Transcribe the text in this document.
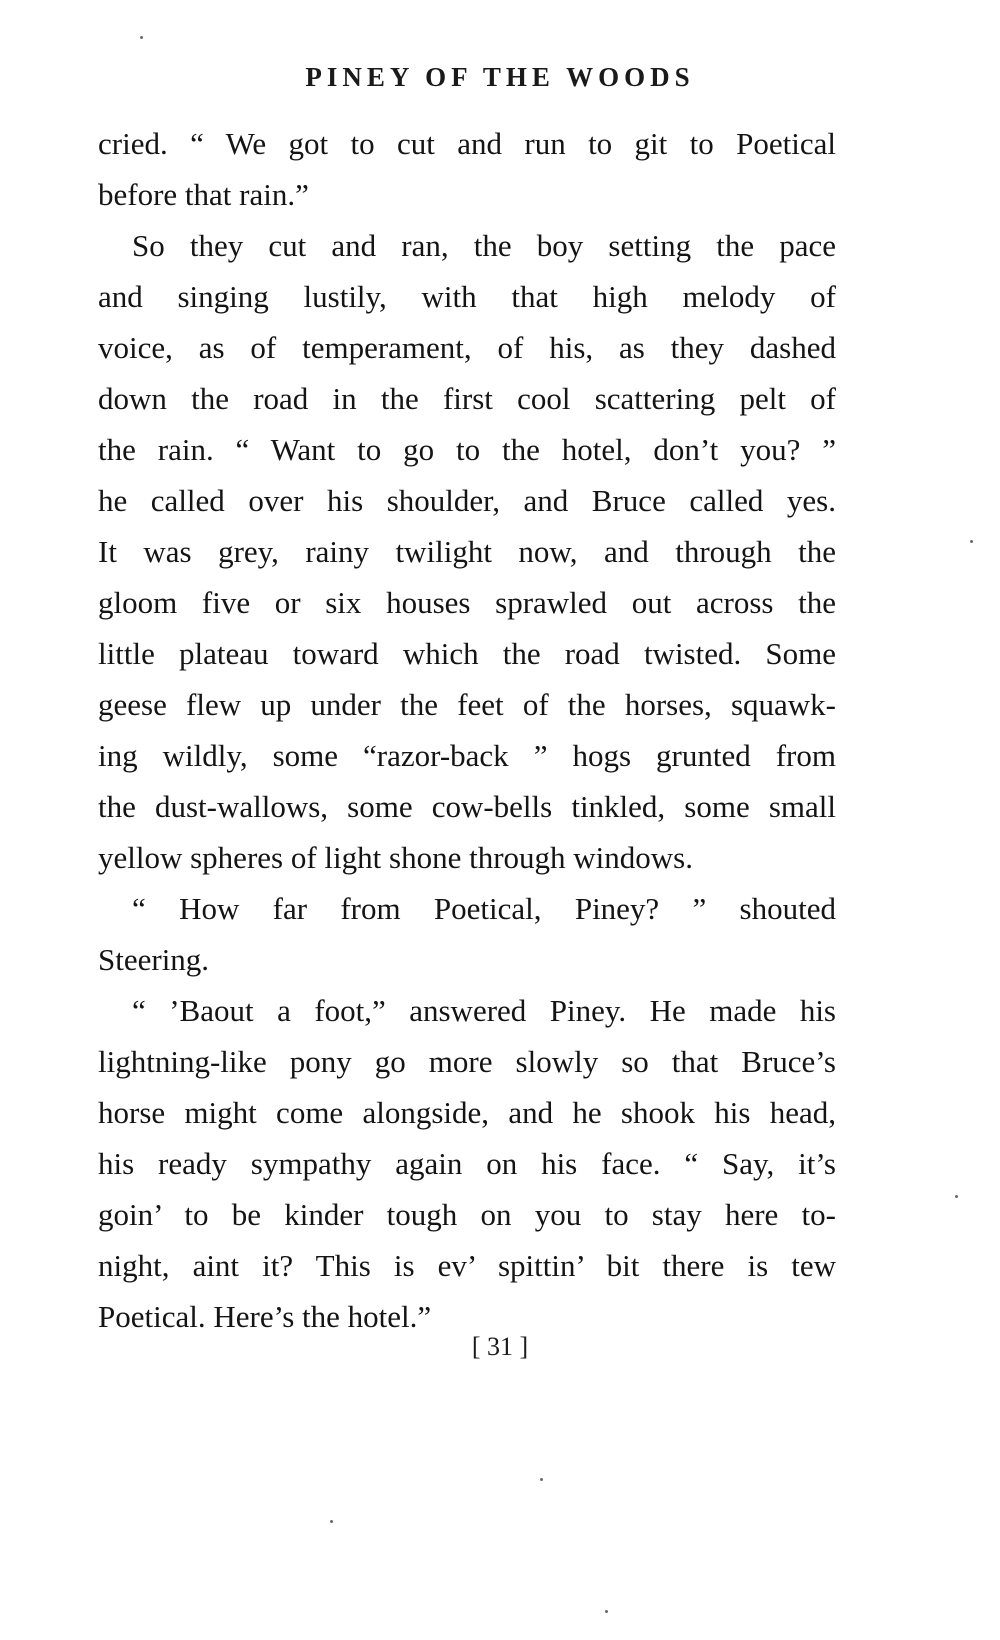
PINEY OF THE WOODS
cried. “ We got to cut and run to git to Poetical
before that rain.”
So they cut and ran, the boy setting the pace
and singing lustily, with that high melody of
voice, as of temperament, of his, as they dashed
down the road in the first cool scattering pelt of
the rain. “ Want to go to the hotel, don’t you? ”
he called over his shoulder, and Bruce called yes.
It was grey, rainy twilight now, and through the
gloom five or six houses sprawled out across the
little plateau toward which the road twisted. Some
geese flew up under the feet of the horses, squawk-
ing wildly, some “razor-back ” hogs grunted from
the dust-wallows, some cow-bells tinkled, some small
yellow spheres of light shone through windows.
“ How far from Poetical, Piney? ” shouted
Steering.
“ ’Baout a foot,” answered Piney. He made his
lightning-like pony go more slowly so that Bruce’s
horse might come alongside, and he shook his head,
his ready sympathy again on his face. “ Say, it’s
goin’ to be kinder tough on you to stay here to-
night, aint it? This is ev’ spittin’ bit there is tew
Poetical. Here’s the hotel.”
[ 31 ]
